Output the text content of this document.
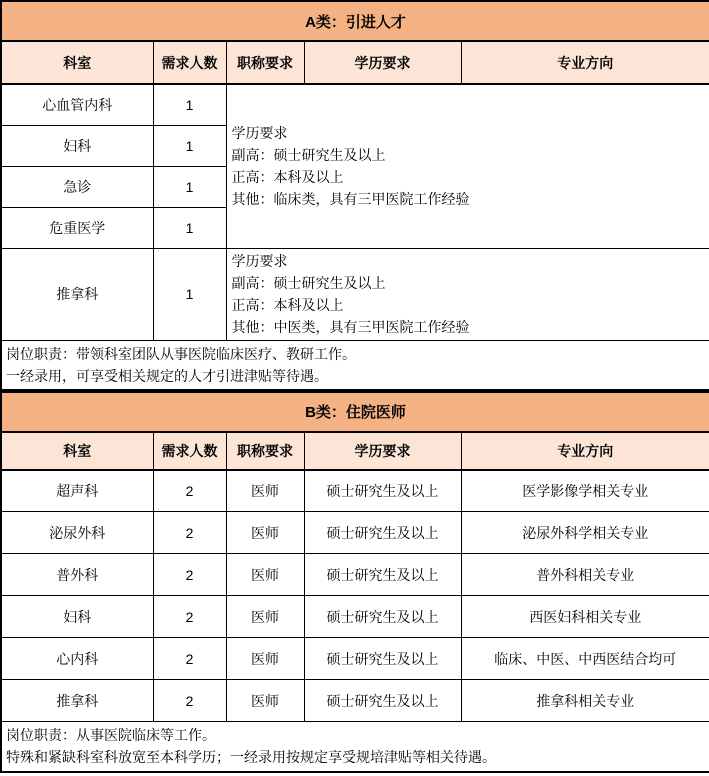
A类：引进人才				
科室	需求人数	职称要求	学历要求	专业方向
心血管内科	1	学历要求
副高：硕士研究生及以上
正高：本科及以上
其他：临床类，具有三甲医院工作经验		

妇科	1			
急诊	1			
危重医学	1			
推拿科	1	学历要求
副高：硕士研究生及以上
正高：本科及以上
其他：中医类，具有三甲医院工作经验		

岗位职责：带领科室团队从事医院临床医疗、教研工作。
一经录用，可享受相关规定的人才引进津贴等待遇。				
B类：住院医师				
科室	需求人数	职称要求	学历要求	专业方向
超声科	2	医师	硕士研究生及以上	医学影像学相关专业
泌尿外科	2	医师	硕士研究生及以上	泌尿外科学相关专业
普外科	2	医师	硕士研究生及以上	普外科相关专业
妇科	2	医师	硕士研究生及以上	西医妇科相关专业
心内科	2	医师	硕士研究生及以上	临床、中医、中西医结合均可
推拿科	2	医师	硕士研究生及以上	推拿科相关专业

岗位职责：从事医院临床等工作。
特殊和紧缺科室科放宽至本科学历；一经录用按规定享受规培津贴等相关待遇。				
